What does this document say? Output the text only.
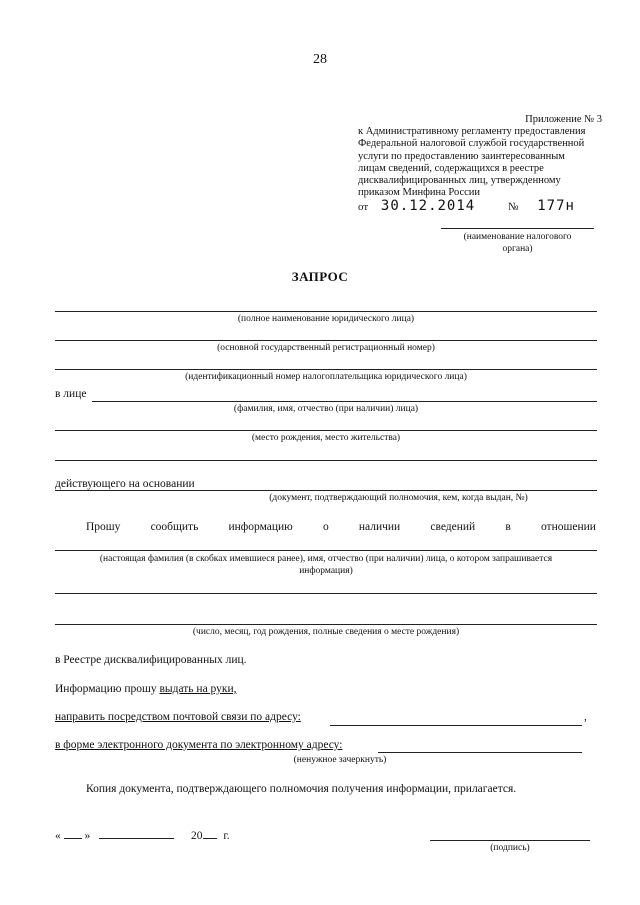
28
Приложение № 3
к Административному регламенту предоставления
Федеральной налоговой службой государственной
услуги по предоставлению заинтересованным
лицам сведений, содержащихся в реестре
дисквалифицированных лиц, утвержденному
приказом Минфина России
от 30.12.2014	№ 177н
(наименование налогового
органа)
ЗАПРОС
(полное наименование юридического лица)
(основной государственный регистрационный номер)
(идентификационный номер налогоплательщика юридического лица)
в лице
(фамилия, имя, отчество (при наличии) лица)
(место рождения, место жительства)
действующего на основании
(документ, подтверждающий полномочия, кем, когда выдан, №)
Прошу	сообщить	информацию	о	наличии	сведений	в	отношении
(настоящая фамилия (в скобках имевшиеся ранее), имя, отчество (при наличии) лица, о котором запрашивается
информация)
(число, месяц, год рождения, полные сведения о месте рождения)
в Реестре дисквалифицированных лиц.
Информацию прошу выдать на руки,
направить посредством почтовой связи по адресу:	,
в форме электронного документа по электронному адресу:
(ненужное зачеркнуть)
Копия документа, подтверждающего полномочия получения информации, прилагается.
« »	20 г.
(подпись)
